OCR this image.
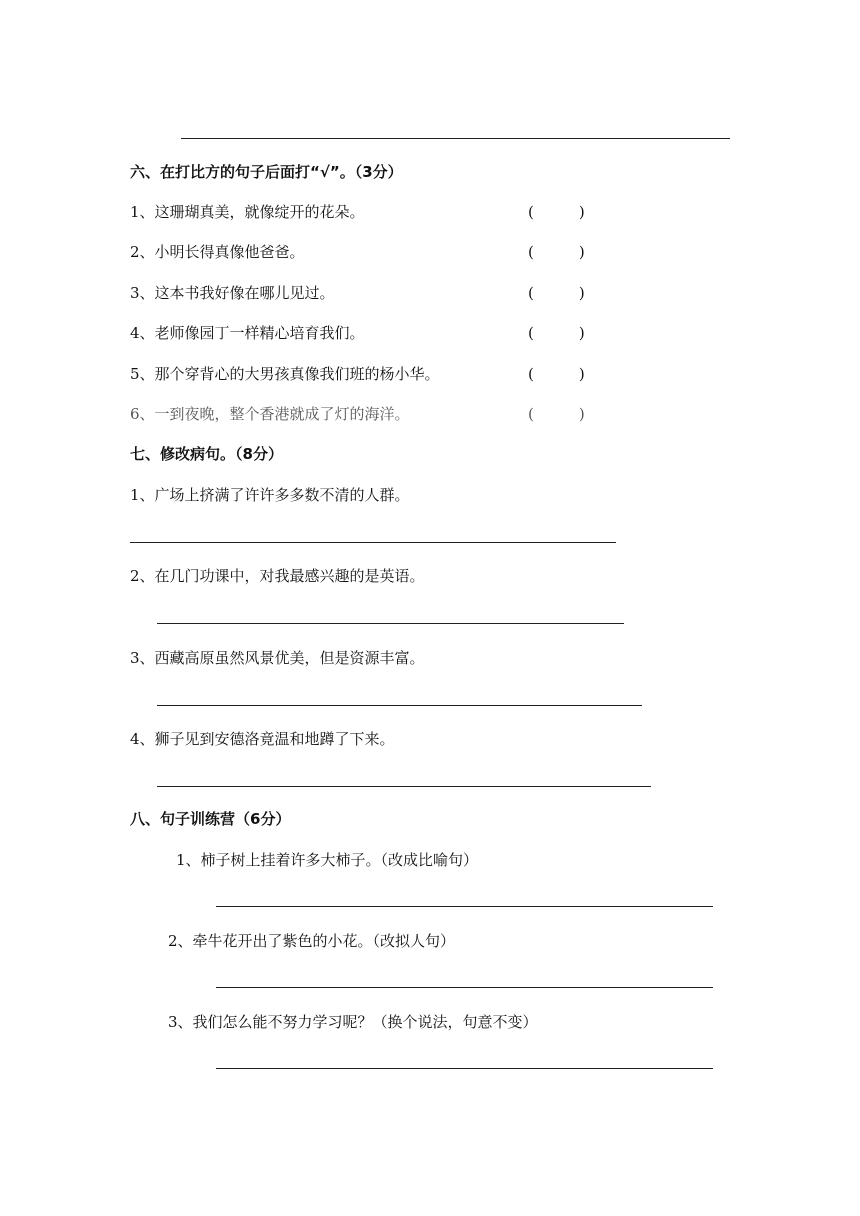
六、在打比方的句子后面打“√”。（3分）
1、这珊瑚真美，就像绽开的花朵。	(　　　)
2、小明长得真像他爸爸。	(　　　)
3、这本书我好像在哪儿见过。	(　　　)
4、老师像园丁一样精心培育我们。	(　　　)
5、那个穿背心的大男孩真像我们班的杨小华。	(　　　)
6、一到夜晚，整个香港就成了灯的海洋。	(　　　)
七、修改病句。（8分）
1、广场上挤满了许许多多数不清的人群。
2、在几门功课中，对我最感兴趣的是英语。
3、西藏高原虽然风景优美，但是资源丰富。
4、狮子见到安德洛竟温和地蹲了下来。
八、句子训练营（6分）
1、柿子树上挂着许多大柿子。（改成比喻句）
2、牵牛花开出了紫色的小花。（改拟人句）
3、我们怎么能不努力学习呢？（换个说法，句意不变）
